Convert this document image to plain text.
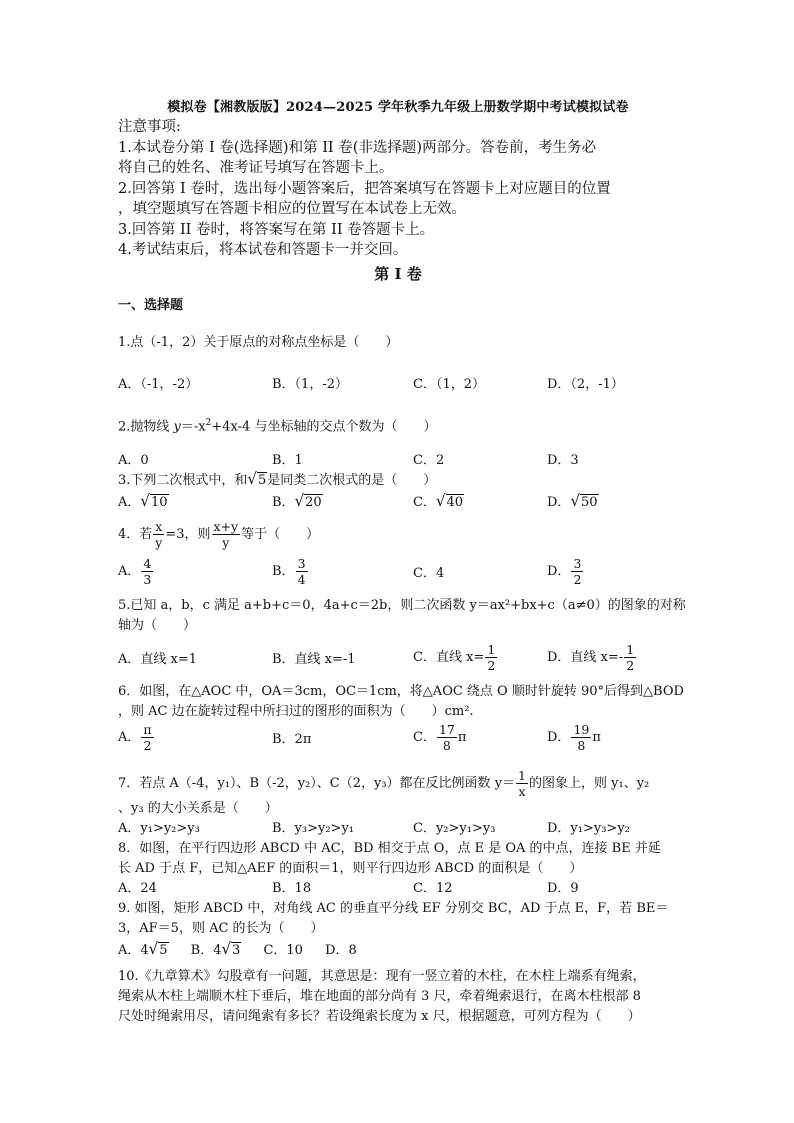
模拟卷【湘教版版】2024—2025 学年秋季九年级上册数学期中考试模拟试卷
注意事项:
1.本试卷分第 I 卷(选择题)和第 II 卷(非选择题)两部分。答卷前，考生务必
将自己的姓名、准考证号填写在答题卡上。
2.回答第 I 卷时，选出每小题答案后，把答案填写在答题卡上对应题目的位置
，填空题填写在答题卡相应的位置写在本试卷上无效。
3.回答第 II 卷时，将答案写在第 II 卷答题卡上。
4.考试结束后，将本试卷和答题卡一并交回。
第 I 卷
一、选择题
1.点（-1，2）关于原点的对称点坐标是（　　）
A．（-1，-2）	B．（1，-2）	C．（1，2）	D．（2，-1）
2.抛物线 $y=-x^2+4x-4$ 与坐标轴的交点个数为（　　）
A．0	B．1	C．2	D．3
3.下列二次根式中，和√5是同类二次根式的是（　　）
A．√10	B．√20	C．√40	D．√50
4．若 $\frac{x}{y} =3$，则 $\frac{x+y}{y}$ 等于（　　）
A． $\frac{4}{3}$	B． $\frac{3}{4}$	C．4	D． $\frac{3}{2}$
5.已知 a，b，c 满足 a+b+c＝0，4a+c＝2b，则二次函数 y＝ax²+bx+c（a≠0）的图象的对称
轴为（　　）
A．直线 x=1	B．直线 x=-1	C．直线 $x= \frac{1}{2}$	D．直线 $x=- \frac{1}{2}$
6．如图，在△AOC 中，OA＝3cm，OC＝1cm，将△AOC 绕点 O 顺时针旋转 90°后得到△BOD
，则 AC 边在旋转过程中所扫过的图形的面积为（　　）cm².
A． $\frac{\pi}{2}$	B．2π	C． $\frac{17}{8}$ π	D． $\frac{19}{8}$ π
7．若点 A（-4，y₁）、B（-2，y₂）、C（2，y₃）都在反比例函数 $y= \frac{1}{x}$ 的图象上，则 y₁、y₂
、y₃ 的大小关系是（　　）
A．y₁>y₂>y₃	B．y₃>y₂>y₁	C．y₂>y₁>y₃	D．y₁>y₃>y₂
8．如图，在平行四边形 ABCD 中 AC，BD 相交于点 O，点 E 是 OA 的中点，连接 BE 并延
长 AD 于点 F，已知△AEF 的面积＝1，则平行四边形 ABCD 的面积是（　　）
A．24	B．18	C．12	D．9
9. 如图，矩形 ABCD 中，对角线 AC 的垂直平分线 EF 分别交 BC，AD 于点 E，F，若 BE＝
3，AF＝5，则 AC 的长为（　　）
A．4√5 B．4√3 C．10 D．8
10.《九章算术》勾股章有一问题，其意思是：现有一竖立着的木柱，在木柱上端系有绳索，
绳索从木柱上端顺木柱下垂后，堆在地面的部分尚有 3 尺，牵着绳索退行，在离木柱根部 8
尺处时绳索用尽，请问绳索有多长？若设绳索长度为 x 尺，根据题意，可列方程为（　　）
